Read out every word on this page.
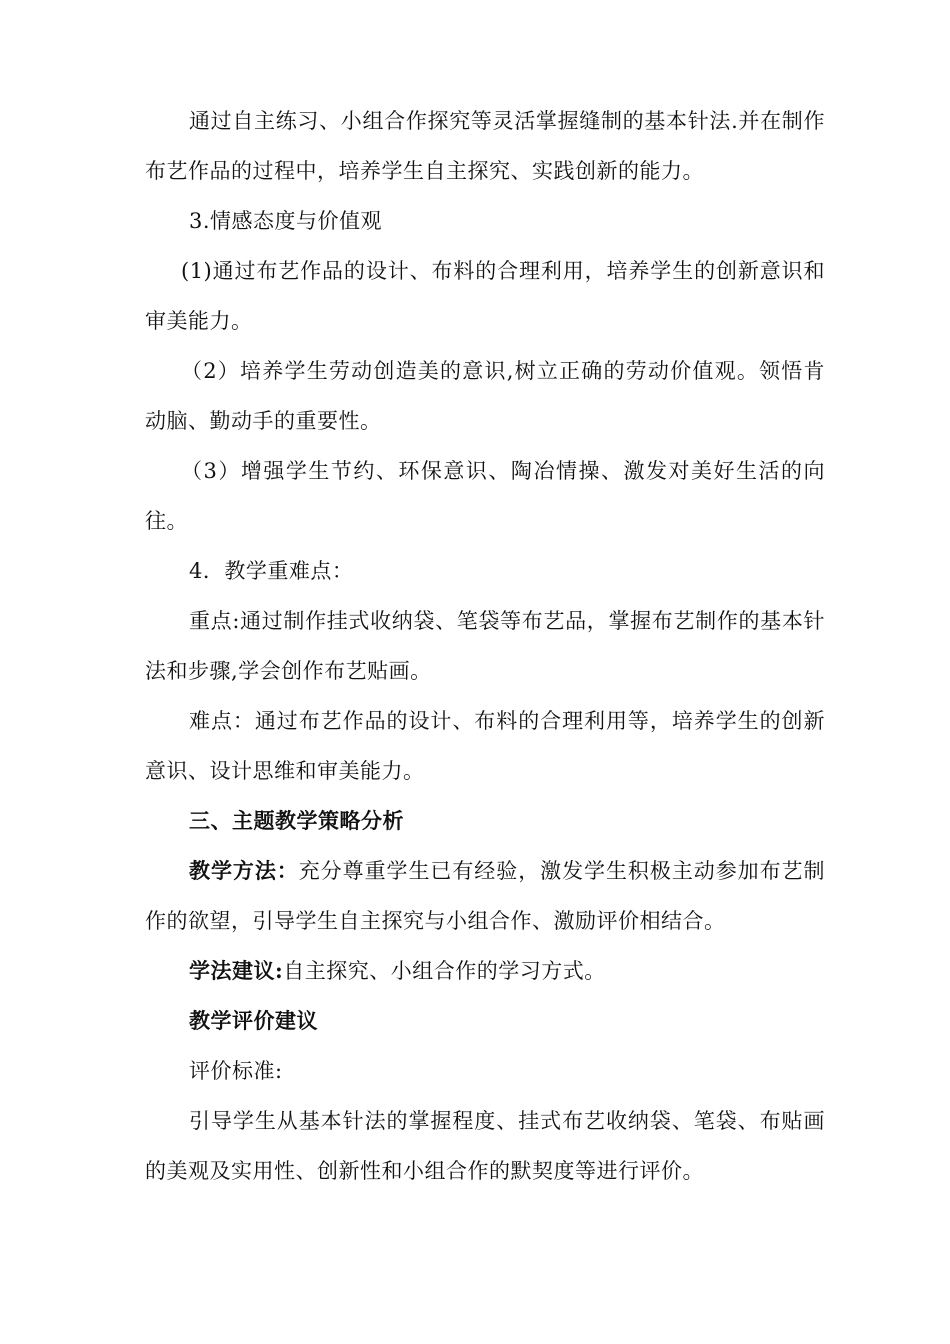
通过自主练习、小组合作探究等灵活掌握缝制的基本针法.并在制作布艺作品的过程中，培养学生自主探究、实践创新的能力。

3.情感态度与价值观

(1)通过布艺作品的设计、布料的合理利用，培养学生的创新意识和审美能力。

（2）培养学生劳动创造美的意识,树立正确的劳动价值观。领悟肯动脑、勤动手的重要性。

（3）增强学生节约、环保意识、陶冶情操、激发对美好生活的向往。

4．教学重难点：

重点:通过制作挂式收纳袋、笔袋等布艺品，掌握布艺制作的基本针法和步骤,学会创作布艺贴画。

难点：通过布艺作品的设计、布料的合理利用等，培养学生的创新意识、设计思维和审美能力。

三、主题教学策略分析

教学方法：充分尊重学生已有经验，激发学生积极主动参加布艺制作的欲望，引导学生自主探究与小组合作、激励评价相结合。

学法建议:自主探究、小组合作的学习方式。

教学评价建议

评价标准:

引导学生从基本针法的掌握程度、挂式布艺收纳袋、笔袋、布贴画的美观及实用性、创新性和小组合作的默契度等进行评价。
